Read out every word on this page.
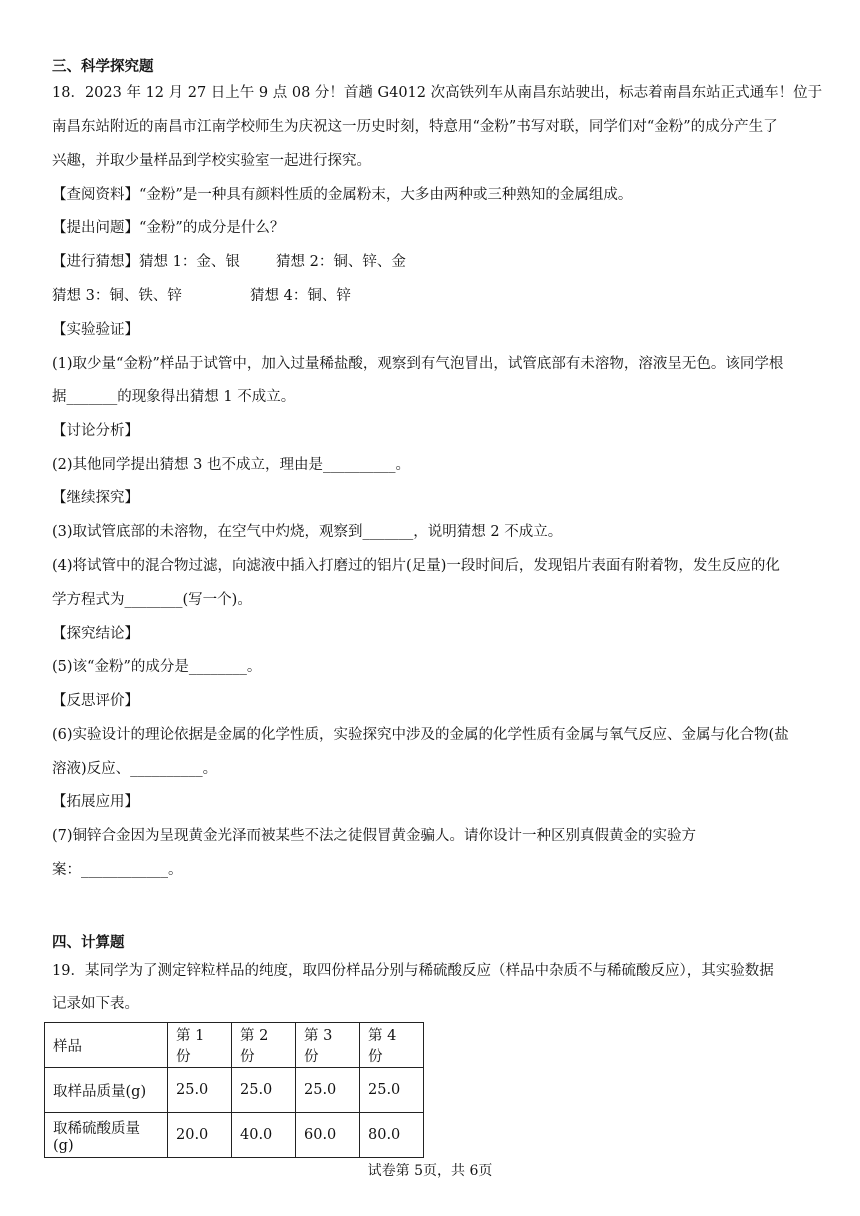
三、科学探究题
18．2023 年 12 月 27 日上午 9 点 08 分！首趟 G4012 次高铁列车从南昌东站驶出，标志着南昌东站正式通车！位于
南昌东站附近的南昌市江南学校师生为庆祝这一历史时刻，特意用“金粉”书写对联，同学们对“金粉”的成分产生了
兴趣，并取少量样品到学校实验室一起进行探究。
【查阅资料】“金粉”是一种具有颜料性质的金属粉末，大多由两种或三种熟知的金属组成。
【提出问题】“金粉”的成分是什么？
【进行猜想】猜想 1：金、银 猜想 2：铜、锌、金
猜想 3：铜、铁、锌	猜想 4：铜、锌
【实验验证】
(1)取少量“金粉”样品于试管中，加入过量稀盐酸，观察到有气泡冒出，试管底部有未溶物，溶液呈无色。该同学根
据_______的现象得出猜想 1 不成立。
【讨论分析】
(2)其他同学提出猜想 3 也不成立，理由是__________。
【继续探究】
(3)取试管底部的未溶物，在空气中灼烧，观察到_______，说明猜想 2 不成立。
(4)将试管中的混合物过滤，向滤液中插入打磨过的铝片(足量)一段时间后，发现铝片表面有附着物，发生反应的化
学方程式为________(写一个)。
【探究结论】
(5)该“金粉”的成分是________。
【反思评价】
(6)实验设计的理论依据是金属的化学性质，实验探究中涉及的金属的化学性质有金属与氧气反应、金属与化合物(盐
溶液)反应、__________。
【拓展应用】
(7)铜锌合金因为呈现黄金光泽而被某些不法之徒假冒黄金骗人。请你设计一种区别真假黄金的实验方
案：____________。
四、计算题
19．某同学为了测定锌粒样品的纯度，取四份样品分别与稀硫酸反应（样品中杂质不与稀硫酸反应），其实验数据
记录如下表。
样品	第 1 份	第 2 份	第 3 份	第 4 份
取样品质量(g)	25.0	25.0	25.0	25.0
取稀硫酸质量(g)	20.0	40.0	60.0	80.0
试卷第 5页，共 6页
